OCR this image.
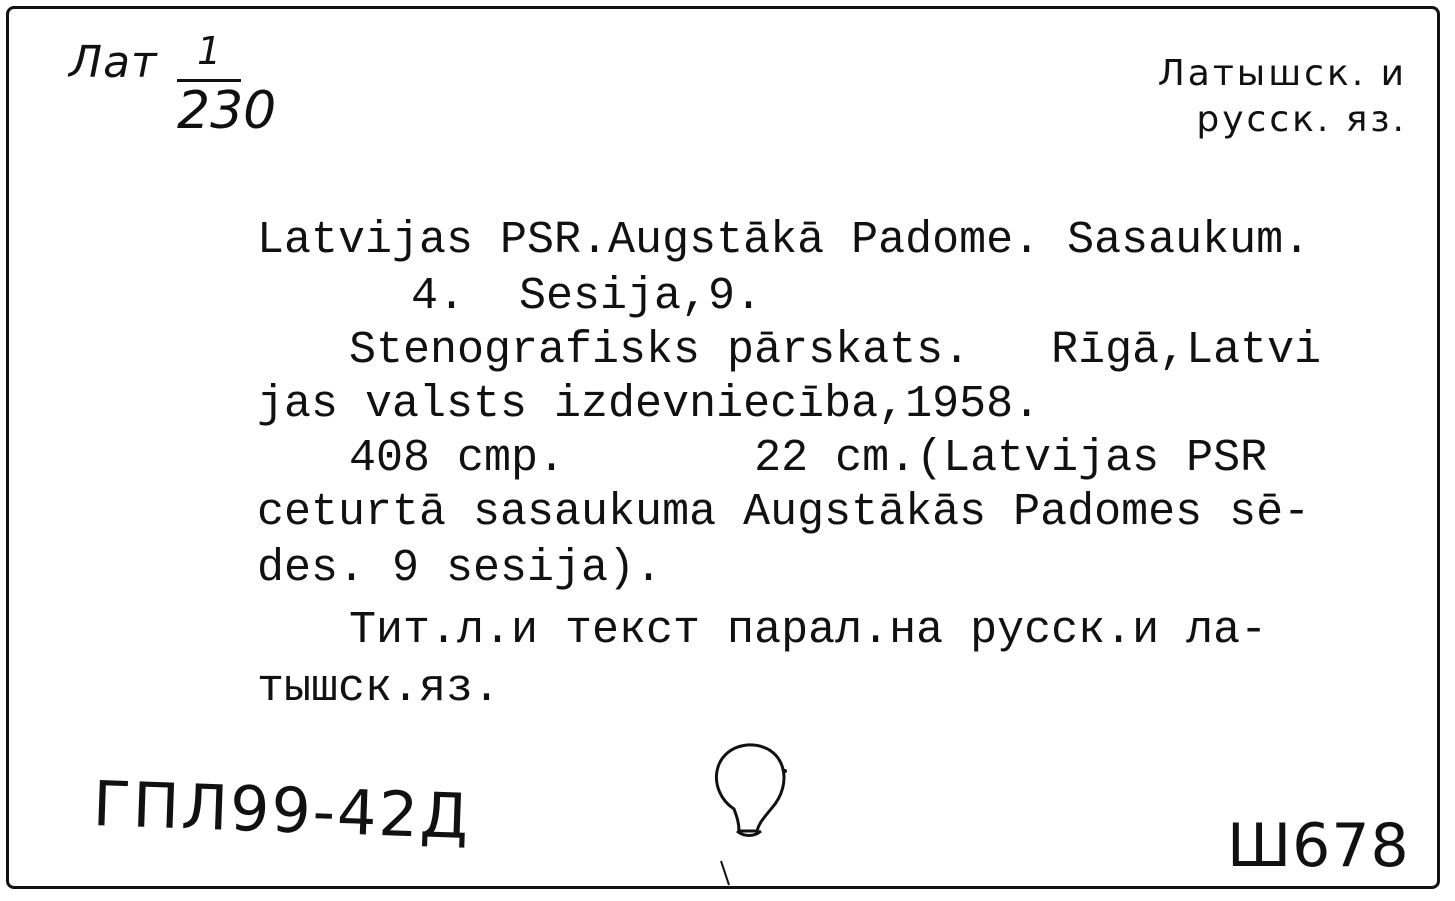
Лат 1
230
Латышск. и
русск. яз.

Latvijas PSR.Augstākā Padome. Sasaukum.

4.  Sesija,9.

Stenografisks pārskats.   Rīgā,Latvi

jas valsts izdevniecība,1958.

408 cmp.       22 cm.(Latvijas PSR

ceturtā sasaukuma Augstākās Padomes sē-

des. 9 sesija).

Тит.л.и текст парал.на русск.и ла-

тышск.яз.

ГПЛ99-42Д	Ш678
